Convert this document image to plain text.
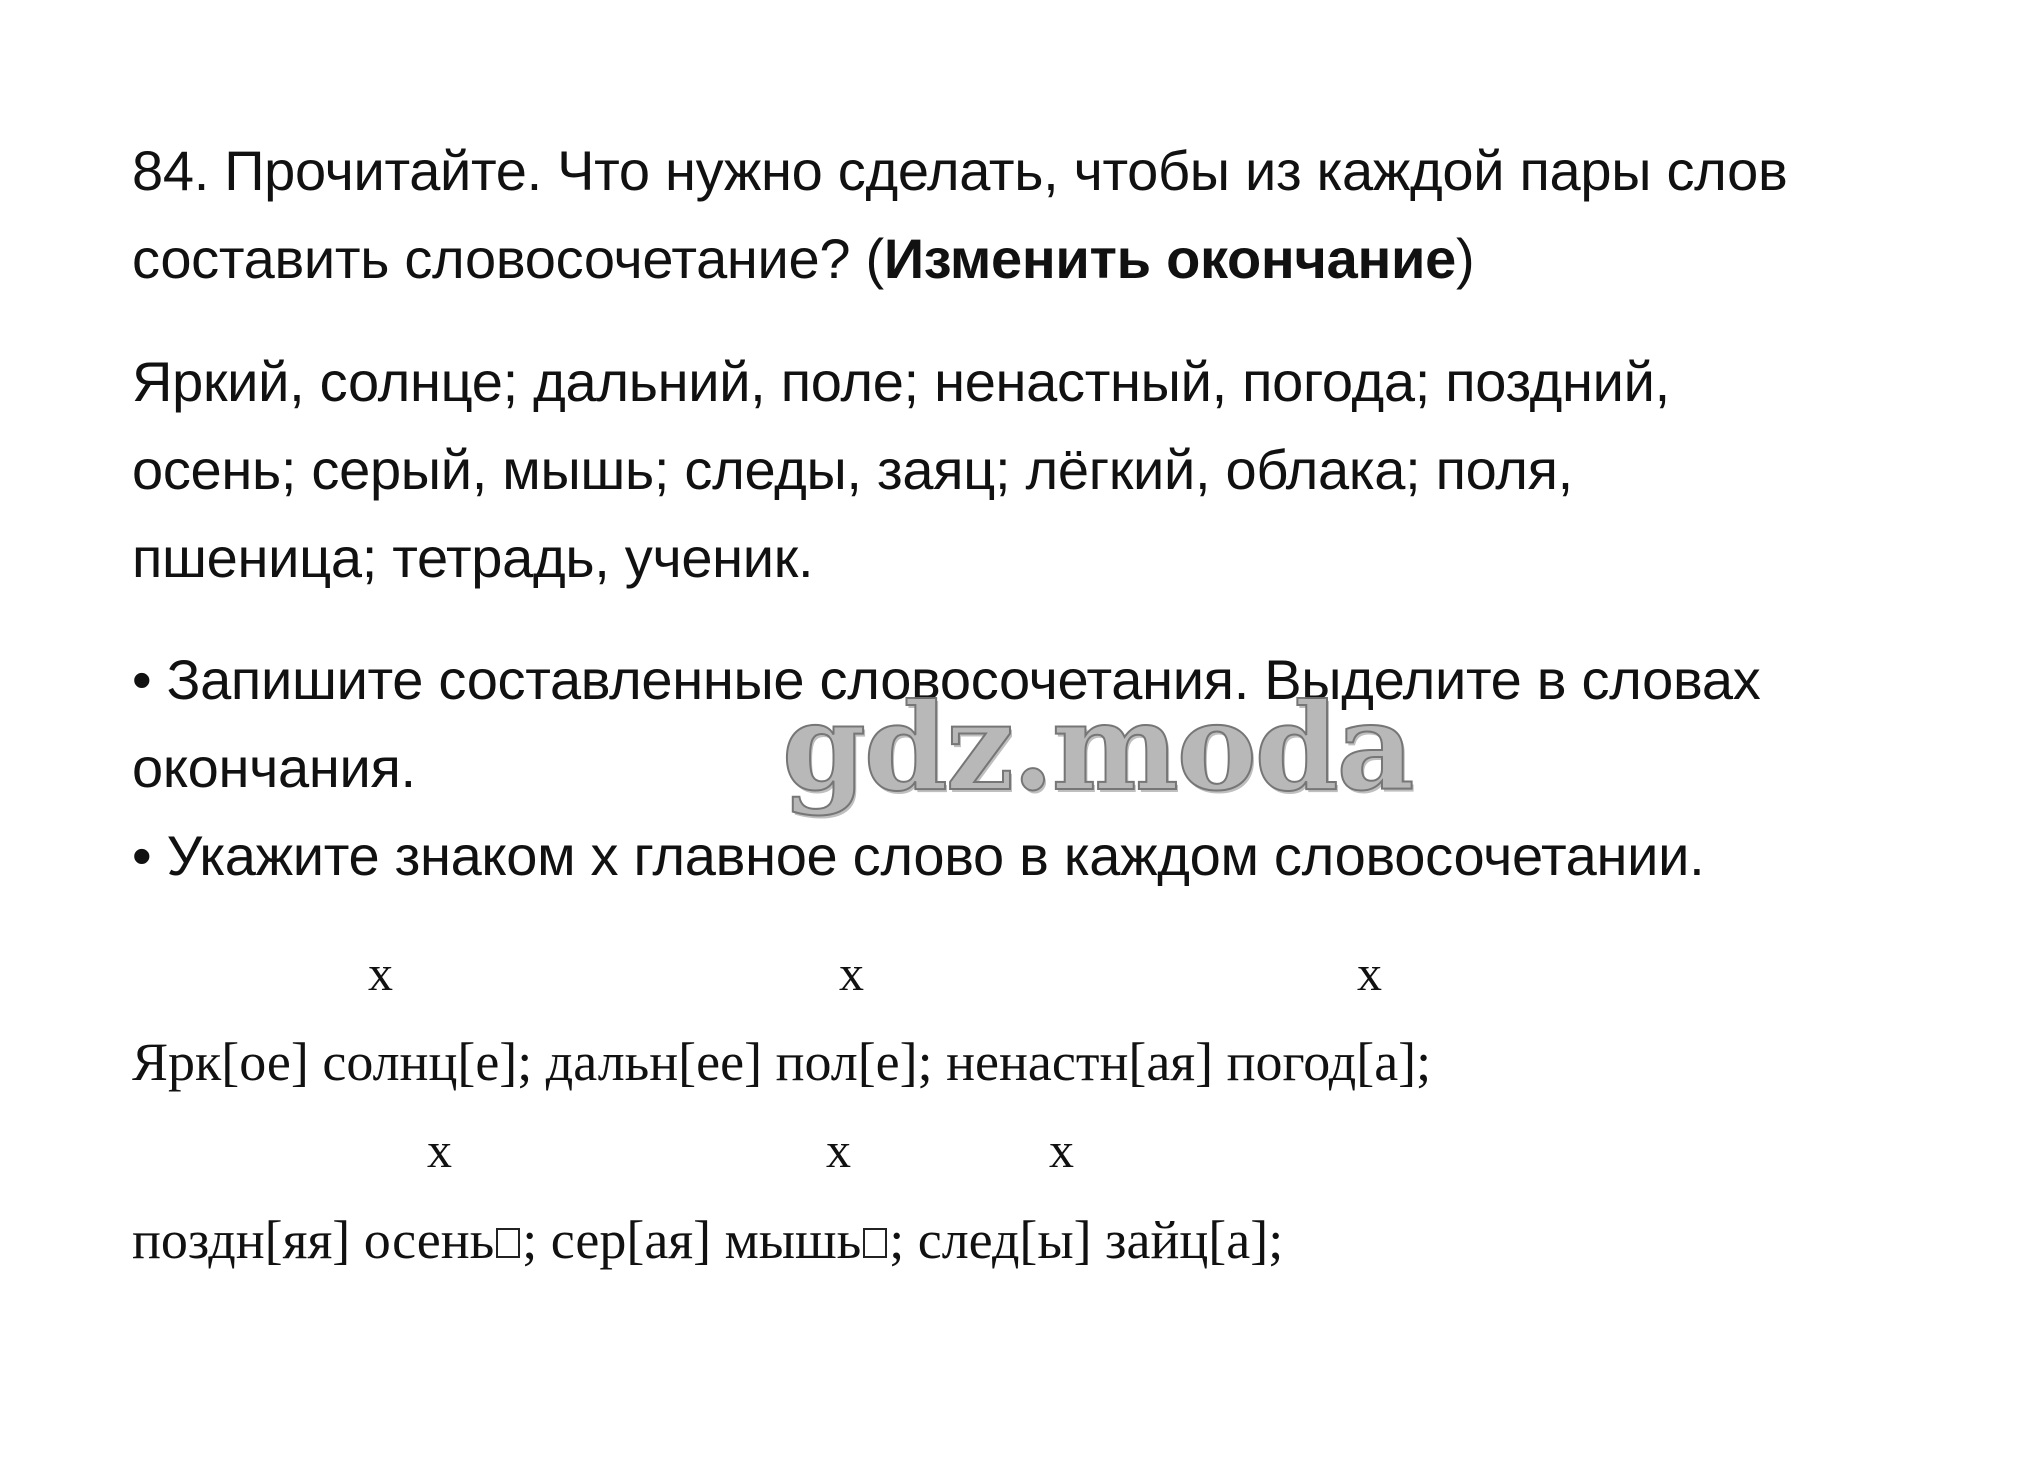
84. Прочитайте. Что нужно сделать, чтобы из каждой пары слов
составить словосочетание? (Изменить окончание)
Яркий, солнце; дальний, поле; ненастный, погода; поздний,
осень; серый, мышь; следы, заяц; лёгкий, облака; поля,
пшеница; тетрадь, ученик.
• Запишите составленные словосочетания. Выделите в словах
окончания.
• Укажите знаком х главное слово в каждом словосочетании.
gdz.moda
x	x	x
Ярк[ое] солнц[е]; дальн[ее] пол[е]; ненастн[ая] погод[а];
x	x	x
поздн[яя] осень ; сер[ая] мышь ; след[ы] зайц[а];
